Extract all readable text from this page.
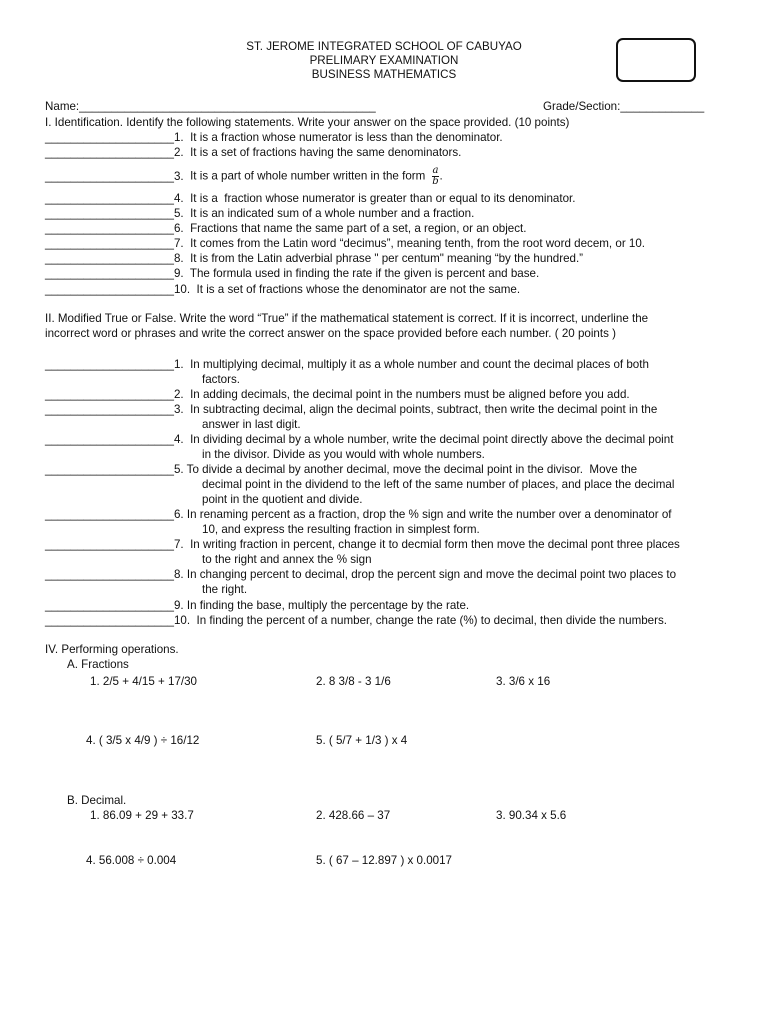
ST. JEROME INTEGRATED SCHOOL OF CABUYAO
PRELIMARY EXAMINATION
BUSINESS MATHEMATICS
Name:______________________________________________	Grade/Section:_____________
I. Identification. Identify the following statements. Write your answer on the space provided. (10 points)
____________________1.  It is a fraction whose numerator is less than the denominator.
____________________2.  It is a set of fractions having the same denominators.
____________________3.  It is a part of whole number written in the form $\frac{a}{b}$ .
____________________4.  It is a  fraction whose numerator is greater than or equal to its denominator.
____________________5.  It is an indicated sum of a whole number and a fraction.
____________________6.  Fractions that name the same part of a set, a region, or an object.
____________________7.  It comes from the Latin word “decimus”, meaning tenth, from the root word decem, or 10.
____________________8.  It is from the Latin adverbial phrase " per centum" meaning “by the hundred.”
____________________9.  The formula used in finding the rate if the given is percent and base.
____________________10.  It is a set of fractions whose the denominator are not the same.
II. Modified True or False. Write the word “True” if the mathematical statement is correct. If it is incorrect, underline the
incorrect word or phrases and write the correct answer on the space provided before each number. ( 20 points )
____________________1.  In multiplying decimal, multiply it as a whole number and count the decimal places of both
factors.
____________________2.  In adding decimals, the decimal point in the numbers must be aligned before you add.
____________________3.  In subtracting decimal, align the decimal points, subtract, then write the decimal point in the
answer in last digit.
____________________4.  In dividing decimal by a whole number, write the decimal point directly above the decimal point
in the divisor. Divide as you would with whole numbers.
____________________5. To divide a decimal by another decimal, move the decimal point in the divisor.  Move the
decimal point in the dividend to the left of the same number of places, and place the decimal
point in the quotient and divide.
____________________6. In renaming percent as a fraction, drop the % sign and write the number over a denominator of
10, and express the resulting fraction in simplest form.
____________________7.  In writing fraction in percent, change it to decmial form then move the decimal pont three places
to the right and annex the % sign
____________________8. In changing percent to decimal, drop the percent sign and move the decimal point two places to
the right.
____________________9. In finding the base, multiply the percentage by the rate.
____________________10.  In finding the percent of a number, change the rate (%) to decimal, then divide the numbers.
IV. Performing operations.
A. Fractions
1. 2/5 + 4/15 + 17/30	2. 8 3/8 - 3 1/6	3. 3/6 x 16
4. ( 3/5 x 4/9 ) ÷ 16/12	5. ( 5/7 + 1/3 ) x 4
B. Decimal.
1. 86.09 + 29 + 33.7	2. 428.66 – 37	3. 90.34 x 5.6
4. 56.008 ÷ 0.004	5. ( 67 – 12.897 ) x 0.0017
